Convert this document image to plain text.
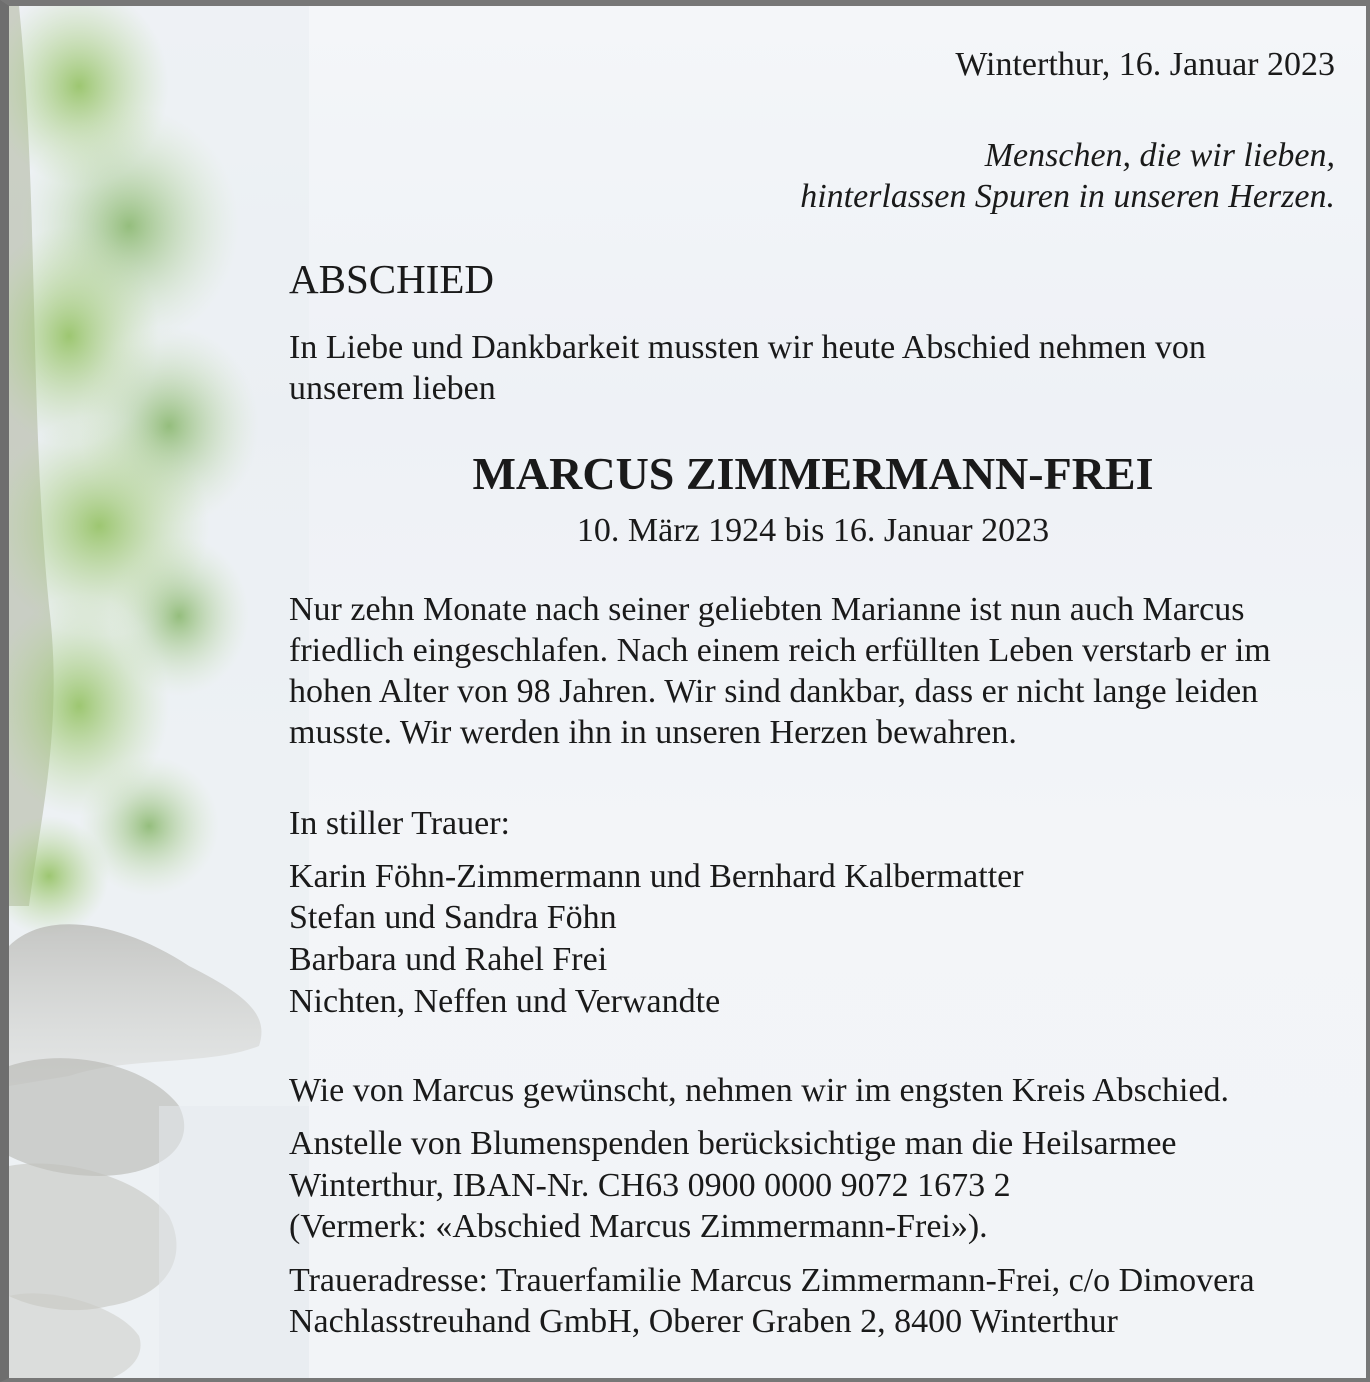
Winterthur, 16. Januar 2023

Menschen, die wir lieben,

hinterlassen Spuren in unseren Herzen.

ABSCHIED

In Liebe und Dankbarkeit mussten wir heute Abschied nehmen von

unserem lieben

MARCUS ZIMMERMANN-FREI

10. März 1924 bis 16. Januar 2023

Nur zehn Monate nach seiner geliebten Marianne ist nun auch Marcus

friedlich eingeschlafen. Nach einem reich erfüllten Leben verstarb er im

hohen Alter von 98 Jahren. Wir sind dankbar, dass er nicht lange leiden

musste. Wir werden ihn in unseren Herzen bewahren.

In stiller Trauer:

Karin Föhn-Zimmermann und Bernhard Kalbermatter

Stefan und Sandra Föhn

Barbara und Rahel Frei

Nichten, Neffen und Verwandte

Wie von Marcus gewünscht, nehmen wir im engsten Kreis Abschied.

Anstelle von Blumenspenden berücksichtige man die Heilsarmee

Winterthur, IBAN-Nr. CH63 0900 0000 9072 1673 2

(Vermerk: «Abschied Marcus Zimmermann-Frei»).

Traueradresse: Trauerfamilie Marcus Zimmermann-Frei, c/o Dimovera

Nachlasstreuhand GmbH, Oberer Graben 2, 8400 Winterthur
